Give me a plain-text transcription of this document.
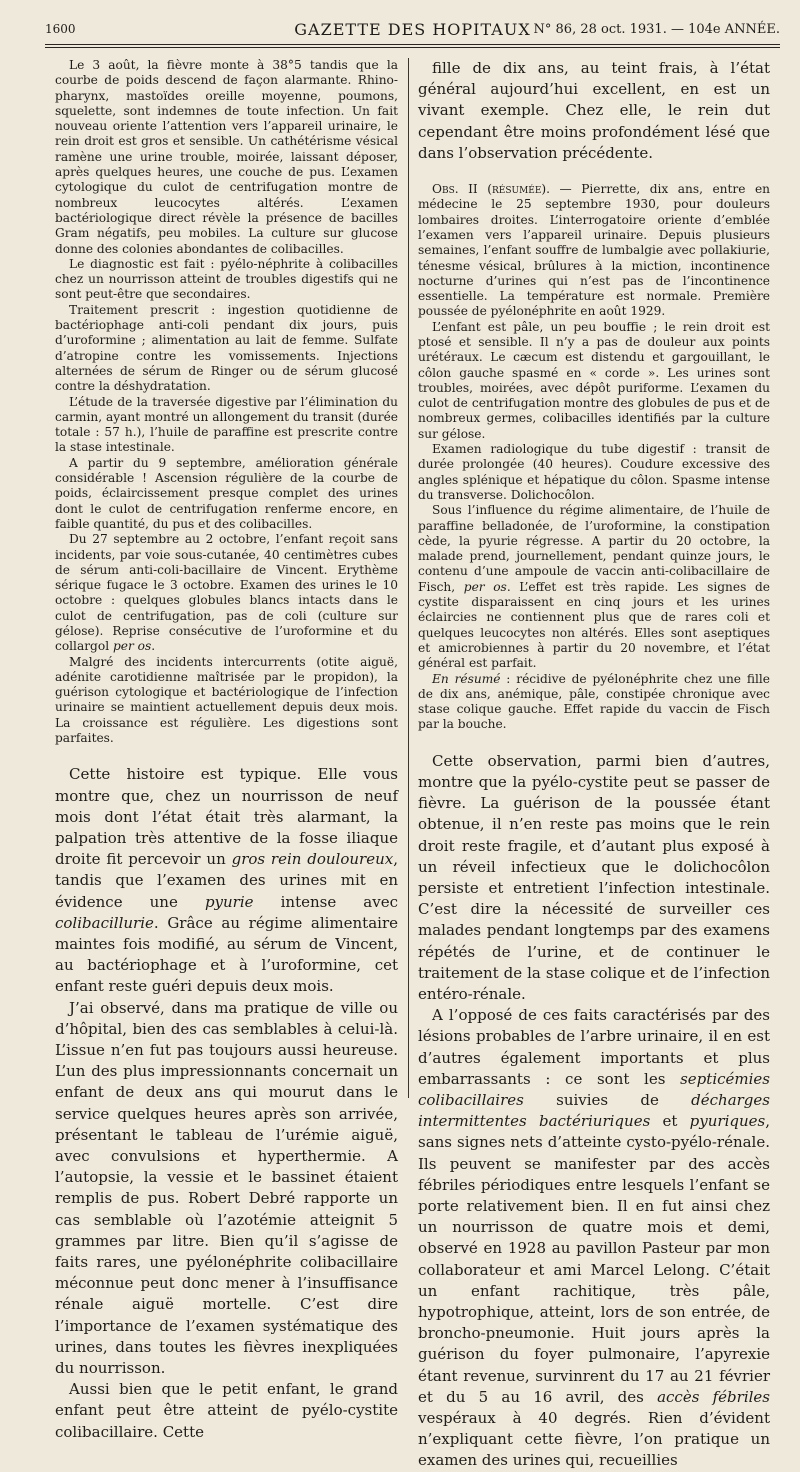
1600	GAZETTE DES HOPITAUX N° 86, 28 oct. 1931. — 104e ANNÉE.

Le 3 août, la fièvre monte à 38°5 tandis que la courbe de poids descend de façon alarmante. Rhino-pharynx, mastoïdes oreille moyenne, poumons, squelette, sont indemnes de toute infection. Un fait nouveau oriente l’attention vers l’appareil urinaire, le rein droit est gros et sensible. Un cathétérisme vésical ramène une urine trouble, moirée, laissant déposer, après quelques heures, une couche de pus. L’examen cytologique du culot de centrifugation montre de nombreux leucocytes altérés. L’examen bactériologique direct révèle la présence de bacilles Gram négatifs, peu mobiles. La culture sur glucose donne des colonies abondantes de colibacilles.

Le diagnostic est fait : pyélo-néphrite à colibacilles chez un nourrisson atteint de troubles digestifs qui ne sont peut-être que secondaires.

Traitement prescrit : ingestion quotidienne de bactériophage anti-coli pendant dix jours, puis d’uroformine ; alimentation au lait de femme. Sulfate d’atropine contre les vomissements. Injections alternées de sérum de Ringer ou de sérum glucosé contre la déshydratation.

L’étude de la traversée digestive par l’élimination du carmin, ayant montré un allongement du transit (durée totale : 57 h.), l’huile de paraffine est prescrite contre la stase intestinale.

A partir du 9 septembre, amélioration générale considérable ! Ascension régulière de la courbe de poids, éclaircissement presque complet des urines dont le culot de centrifugation renferme encore, en faible quantité, du pus et des colibacilles.

Du 27 septembre au 2 octobre, l’enfant reçoit sans incidents, par voie sous-cutanée, 40 centimètres cubes de sérum anti-coli-bacillaire de Vincent. Erythème sérique fugace le 3 octobre. Examen des urines le 10 octobre : quelques globules blancs intacts dans le culot de centrifugation, pas de coli (culture sur gélose). Reprise consécutive de l’uroformine et du collargol per os.

Malgré des incidents intercurrents (otite aiguë, adénite carotidienne maîtrisée par le propidon), la guérison cytologique et bactériologique de l’infection urinaire se maintient actuellement depuis deux mois. La croissance est régulière. Les digestions sont parfaites.

Cette histoire est typique. Elle vous montre que, chez un nourrisson de neuf mois dont l’état était très alarmant, la palpation très attentive de la fosse iliaque droite fit percevoir un gros rein douloureux, tandis que l’examen des urines mit en évidence une pyurie intense avec colibacillurie. Grâce au régime alimentaire maintes fois modifié, au sérum de Vincent, au bactériophage et à l’uroformine, cet enfant reste guéri depuis deux mois.

J’ai observé, dans ma pratique de ville ou d’hôpital, bien des cas semblables à celui-là. L’issue n’en fut pas toujours aussi heureuse. L’un des plus impressionnants concernait un enfant de deux ans qui mourut dans le service quelques heures après son arrivée, présentant le tableau de l’urémie aiguë, avec convulsions et hyperthermie. A l’autopsie, la vessie et le bassinet étaient remplis de pus. Robert Debré rapporte un cas semblable où l’azotémie atteignit 5 grammes par litre. Bien qu’il s’agisse de faits rares, une pyélonéphrite colibacillaire méconnue peut donc mener à l’insuffisance rénale aiguë mortelle. C’est dire l’importance de l’examen systématique des urines, dans toutes les fièvres inexpliquées du nourrisson.

Aussi bien que le petit enfant, le grand enfant peut être atteint de pyélo-cystite colibacillaire. Cette

fille de dix ans, au teint frais, à l’état général aujourd’hui excellent, en est un vivant exemple. Chez elle, le rein dut cependant être moins profondément lésé que dans l’observation précédente.

Obs. II (résumée). — Pierrette, dix ans, entre en médecine le 25 septembre 1930, pour douleurs lombaires droites. L’interrogatoire oriente d’emblée l’examen vers l’appareil urinaire. Depuis plusieurs semaines, l’enfant souffre de lumbalgie avec pollakiurie, ténesme vésical, brûlures à la miction, incontinence nocturne d’urines qui n’est pas de l’incontinence essentielle. La température est normale. Première poussée de pyélonéphrite en août 1929.

L’enfant est pâle, un peu bouffie ; le rein droit est ptosé et sensible. Il n’y a pas de douleur aux points urétéraux. Le cæcum est distendu et gargouillant, le côlon gauche spasmé en « corde ». Les urines sont troubles, moirées, avec dépôt puriforme. L’examen du culot de centrifugation montre des globules de pus et de nombreux germes, colibacilles identifiés par la culture sur gélose.

Examen radiologique du tube digestif : transit de durée prolongée (40 heures). Coudure excessive des angles splénique et hépatique du côlon. Spasme intense du transverse. Dolichocôlon.

Sous l’influence du régime alimentaire, de l’huile de paraffine belladonée, de l’uroformine, la constipation cède, la pyurie régresse. A partir du 20 octobre, la malade prend, journellement, pendant quinze jours, le contenu d’une ampoule de vaccin anti-colibacillaire de Fisch, per os. L’effet est très rapide. Les signes de cystite disparaissent en cinq jours et les urines éclaircies ne contiennent plus que de rares coli et quelques leucocytes non altérés. Elles sont aseptiques et amicrobiennes à partir du 20 novembre, et l’état général est parfait.

En résumé : récidive de pyélonéphrite chez une fille de dix ans, anémique, pâle, constipée chronique avec stase colique gauche. Effet rapide du vaccin de Fisch par la bouche.

Cette observation, parmi bien d’autres, montre que la pyélo-cystite peut se passer de fièvre. La guérison de la poussée étant obtenue, il n’en reste pas moins que le rein droit reste fragile, et d’autant plus exposé à un réveil infectieux que le dolichocôlon persiste et entretient l’infection intestinale. C’est dire la nécessité de surveiller ces malades pendant longtemps par des examens répétés de l’urine, et de continuer le traitement de la stase colique et de l’infection entéro-rénale.

A l’opposé de ces faits caractérisés par des lésions probables de l’arbre urinaire, il en est d’autres également importants et plus embarrassants : ce sont les septicémies colibacillaires suivies de décharges intermittentes bactériuriques et pyuriques, sans signes nets d’atteinte cysto-pyélo-rénale. Ils peuvent se manifester par des accès fébriles périodiques entre lesquels l’enfant se porte relativement bien. Il en fut ainsi chez un nourrisson de quatre mois et demi, observé en 1928 au pavillon Pasteur par mon collaborateur et ami Marcel Lelong. C’était un enfant rachitique, très pâle, hypotrophique, atteint, lors de son entrée, de broncho-pneumonie. Huit jours après la guérison du foyer pulmonaire, l’apyrexie étant revenue, survinrent du 17 au 21 février et du 5 au 16 avril, des accès fébriles vespéraux à 40 degrés. Rien d’évident n’expliquant cette fièvre, l’on pratique un examen des urines qui, recueillies
